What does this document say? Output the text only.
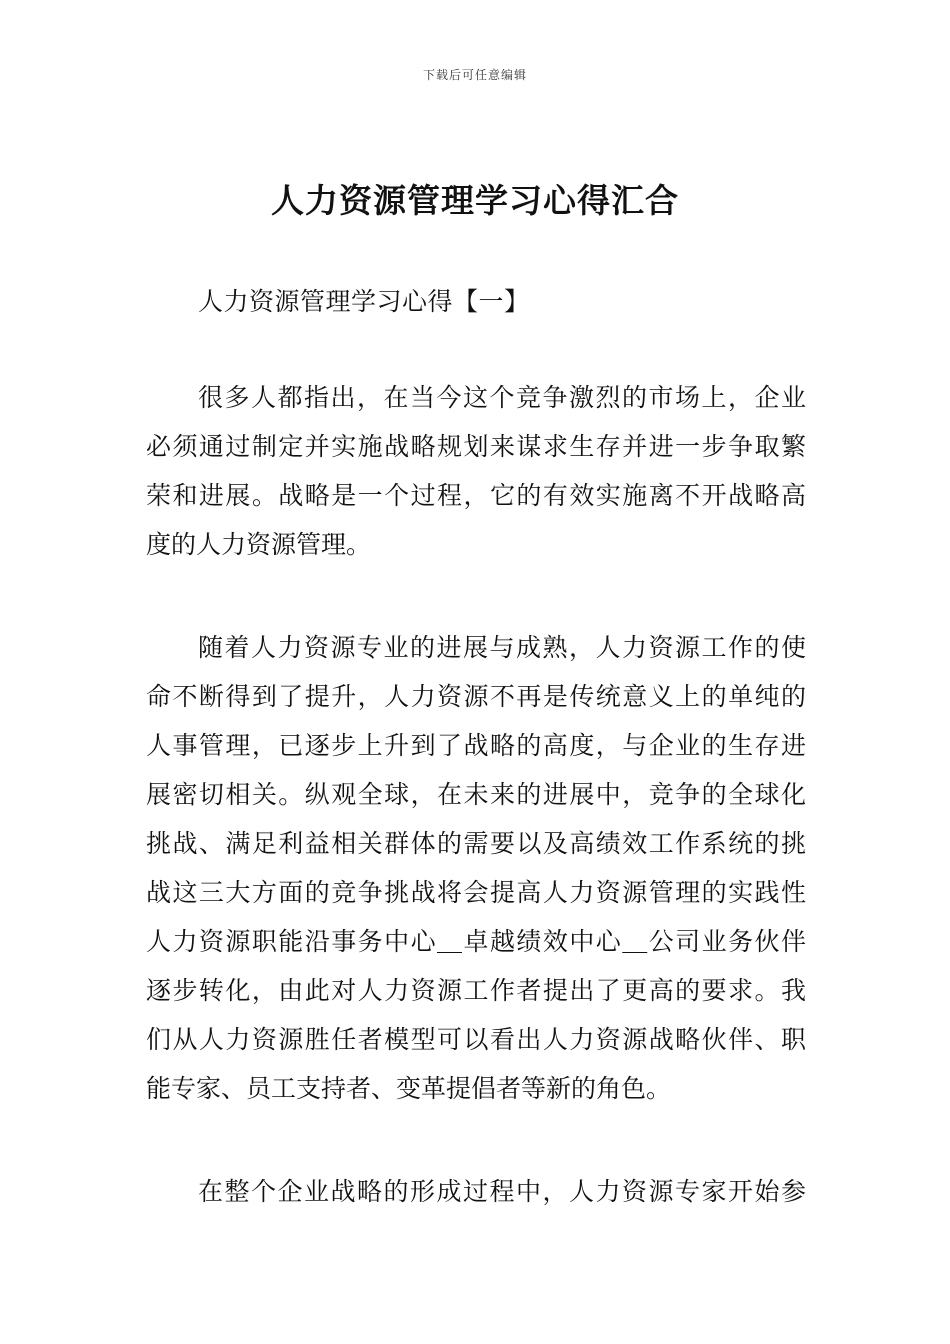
下载后可任意编辑
人力资源管理学习心得汇合
人力资源管理学习心得【一】
很多人都指出，在当今这个竞争激烈的市场上，企业
必须通过制定并实施战略规划来谋求生存并进一步争取繁
荣和进展。战略是一个过程，它的有效实施离不开战略高
度的人力资源管理。
随着人力资源专业的进展与成熟，人力资源工作的使
命不断得到了提升，人力资源不再是传统意义上的单纯的
人事管理，已逐步上升到了战略的高度，与企业的生存进
展密切相关。纵观全球，在未来的进展中，竞争的全球化
挑战、满足利益相关群体的需要以及高绩效工作系统的挑
战这三大方面的竞争挑战将会提高人力资源管理的实践性
人力资源职能沿事务中心＿卓越绩效中心＿公司业务伙伴
逐步转化，由此对人力资源工作者提出了更高的要求。我
们从人力资源胜任者模型可以看出人力资源战略伙伴、职
能专家、员工支持者、变革提倡者等新的角色。
在整个企业战略的形成过程中，人力资源专家开始参
